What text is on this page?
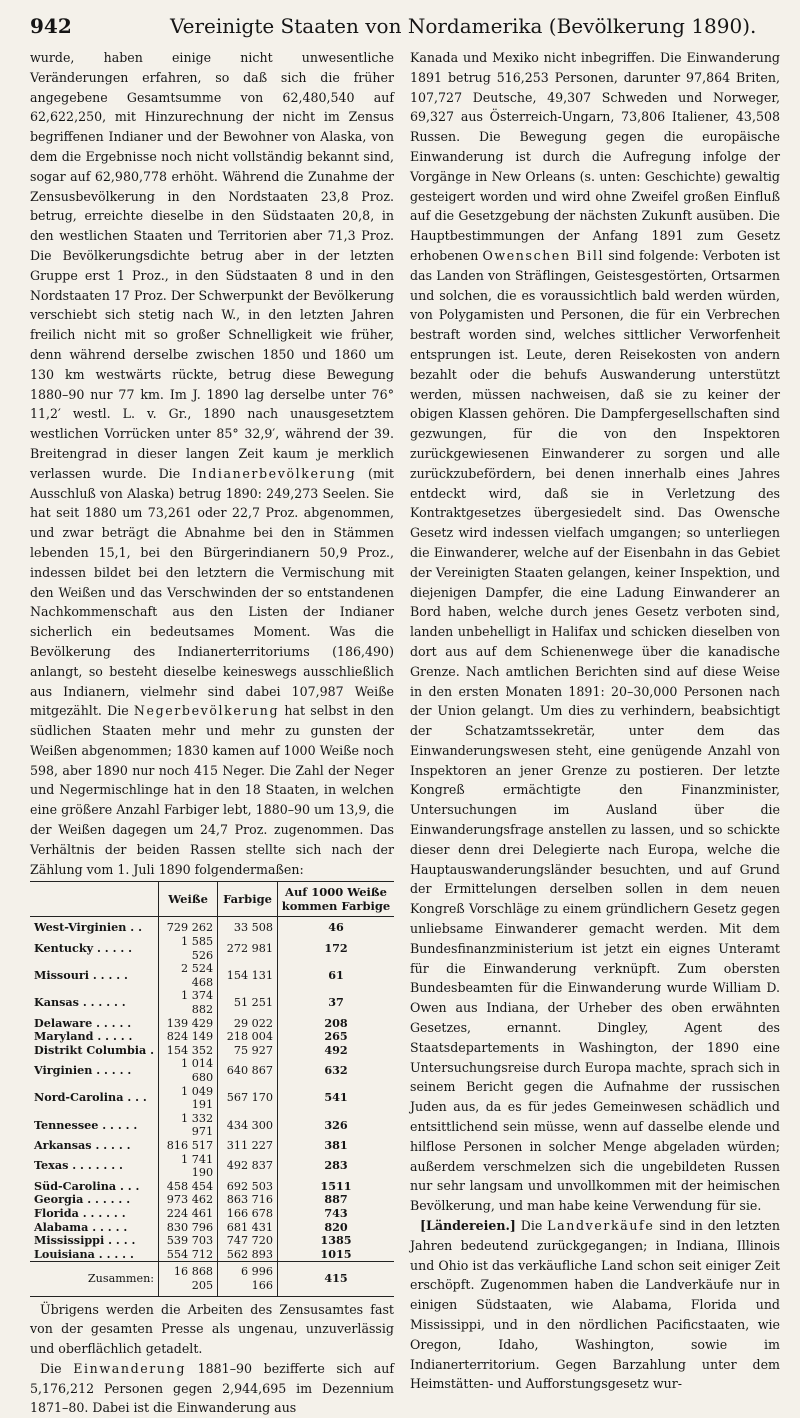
942	Vereinigte Staaten von Nordamerika (Bevölkerung 1890).

wurde, haben einige nicht unwesentliche Veränderungen erfahren, so daß sich die früher angegebene Gesamtsumme von 62,480,540 auf 62,622,250, mit Hinzurechnung der nicht im Zensus begriffenen Indianer und der Bewohner von Alaska, von dem die Ergebnisse noch nicht vollständig bekannt sind, sogar auf 62,980,778 erhöht. Während die Zunahme der Zensusbevölkerung in den Nordstaaten 23,8 Proz. betrug, erreichte dieselbe in den Südstaaten 20,8, in den westlichen Staaten und Territorien aber 71,3 Proz. Die Bevölkerungsdichte betrug aber in der letzten Gruppe erst 1 Proz., in den Südstaaten 8 und in den Nordstaaten 17 Proz. Der Schwerpunkt der Bevölkerung verschiebt sich stetig nach W., in den letzten Jahren freilich nicht mit so großer Schnelligkeit wie früher, denn während derselbe zwischen 1850 und 1860 um 130 km westwärts rückte, betrug diese Bewegung 1880–90 nur 77 km. Im J. 1890 lag derselbe unter 76° 11,2′ westl. L. v. Gr., 1890 nach unausgesetztem westlichen Vorrücken unter 85° 32,9′, während der 39. Breitengrad in dieser langen Zeit kaum je merklich verlassen wurde. Die Indianerbevölkerung (mit Ausschluß von Alaska) betrug 1890: 249,273 Seelen. Sie hat seit 1880 um 73,261 oder 22,7 Proz. abgenommen, und zwar beträgt die Abnahme bei den in Stämmen lebenden 15,1, bei den Bürgerindianern 50,9 Proz., indessen bildet bei den letztern die Vermischung mit den Weißen und das Verschwinden der so entstandenen Nachkommenschaft aus den Listen der Indianer sicherlich ein bedeutsames Moment. Was die Bevölkerung des Indianerterritoriums (186,490) anlangt, so besteht dieselbe keineswegs ausschließlich aus Indianern, vielmehr sind dabei 107,987 Weiße mitgezählt. Die Negerbevölkerung hat selbst in den südlichen Staaten mehr und mehr zu gunsten der Weißen abgenommen; 1830 kamen auf 1000 Weiße noch 598, aber 1890 nur noch 415 Neger. Die Zahl der Neger und Negermischlinge hat in den 18 Staaten, in welchen eine größere Anzahl Farbiger lebt, 1880–90 um 13,9, die der Weißen dagegen um 24,7 Proz. zugenommen. Das Verhältnis der beiden Rassen stellte sich nach der Zählung vom 1. Juli 1890 folgendermaßen:

	Weiße	Farbige	Auf 1000 Weiße kommen Farbige
West-Virginien . .	729 262	33 508	46
Kentucky . . . . .	1 585 526	272 981	172
Missouri . . . . .	2 524 468	154 131	61
Kansas . . . . . .	1 374 882	51 251	37
Delaware . . . . .	139 429	29 022	208
Maryland . . . . .	824 149	218 004	265
Distrikt Columbia .	154 352	75 927	492
Virginien . . . . .	1 014 680	640 867	632
Nord-Carolina . . .	1 049 191	567 170	541
Tennessee . . . . .	1 332 971	434 300	326
Arkansas . . . . .	816 517	311 227	381
Texas . . . . . . .	1 741 190	492 837	283
Süd-Carolina . . .	458 454	692 503	1511
Georgia . . . . . .	973 462	863 716	887
Florida . . . . . .	224 461	166 678	743
Alabama . . . . .	830 796	681 431	820
Mississippi . . . .	539 703	747 720	1385
Louisiana . . . . .	554 712	562 893	1015
Zusammen:	16 868 205	6 996 166	415

Übrigens werden die Arbeiten des Zensusamtes fast von der gesamten Presse als ungenau, unzuverlässig und oberflächlich getadelt.

Die Einwanderung 1881–90 bezifferte sich auf 5,176,212 Personen gegen 2,944,695 im Dezennium 1871–80. Dabei ist die Einwanderung aus

Kanada und Mexiko nicht inbegriffen. Die Einwanderung 1891 betrug 516,253 Personen, darunter 97,864 Briten, 107,727 Deutsche, 49,307 Schweden und Norweger, 69,327 aus Österreich-Ungarn, 73,806 Italiener, 43,508 Russen. Die Bewegung gegen die europäische Einwanderung ist durch die Aufregung infolge der Vorgänge in New Orleans (s. unten: Geschichte) gewaltig gesteigert worden und wird ohne Zweifel großen Einfluß auf die Gesetzgebung der nächsten Zukunft ausüben. Die Hauptbestimmungen der Anfang 1891 zum Gesetz erhobenen Owenschen Bill sind folgende: Verboten ist das Landen von Sträflingen, Geistesgestörten, Ortsarmen und solchen, die es voraussichtlich bald werden würden, von Polygamisten und Personen, die für ein Verbrechen bestraft worden sind, welches sittlicher Verworfenheit entsprungen ist. Leute, deren Reisekosten von andern bezahlt oder die behufs Auswanderung unterstützt werden, müssen nachweisen, daß sie zu keiner der obigen Klassen gehören. Die Dampfergesellschaften sind gezwungen, für die von den Inspektoren zurückgewiesenen Einwanderer zu sorgen und alle zurückzubefördern, bei denen innerhalb eines Jahres entdeckt wird, daß sie in Verletzung des Kontraktgesetzes übergesiedelt sind. Das Owensche Gesetz wird indessen vielfach umgangen; so unterliegen die Einwanderer, welche auf der Eisenbahn in das Gebiet der Vereinigten Staaten gelangen, keiner Inspektion, und diejenigen Dampfer, die eine Ladung Einwanderer an Bord haben, welche durch jenes Gesetz verboten sind, landen unbehelligt in Halifax und schicken dieselben von dort aus auf dem Schienenwege über die kanadische Grenze. Nach amtlichen Berichten sind auf diese Weise in den ersten Monaten 1891: 20–30,000 Personen nach der Union gelangt. Um dies zu verhindern, beabsichtigt der Schatzamtssekretär, unter dem das Einwanderungswesen steht, eine genügende Anzahl von Inspektoren an jener Grenze zu postieren. Der letzte Kongreß ermächtigte den Finanzminister, Untersuchungen im Ausland über die Einwanderungsfrage anstellen zu lassen, und so schickte dieser denn drei Delegierte nach Europa, welche die Hauptauswanderungsländer besuchten, und auf Grund der Ermittelungen derselben sollen in dem neuen Kongreß Vorschläge zu einem gründlichern Gesetz gegen unliebsame Einwanderer gemacht werden. Mit dem Bundesfinanzministerium ist jetzt ein eignes Unteramt für die Einwanderung verknüpft. Zum obersten Bundesbeamten für die Einwanderung wurde William D. Owen aus Indiana, der Urheber des oben erwähnten Gesetzes, ernannt. Dingley, Agent des Staatsdepartements in Washington, der 1890 eine Untersuchungsreise durch Europa machte, sprach sich in seinem Bericht gegen die Aufnahme der russischen Juden aus, da es für jedes Gemeinwesen schädlich und entsittlichend sein müsse, wenn auf dasselbe elende und hilflose Personen in solcher Menge abgeladen würden; außerdem verschmelzen sich die ungebildeten Russen nur sehr langsam und unvollkommen mit der heimischen Bevölkerung, und man habe keine Verwendung für sie.

[Ländereien.] Die Landverkäufe sind in den letzten Jahren bedeutend zurückgegangen; in Indiana, Illinois und Ohio ist das verkäufliche Land schon seit einiger Zeit erschöpft. Zugenommen haben die Landverkäufe nur in einigen Südstaaten, wie Alabama, Florida und Mississippi, und in den nördlichen Pacificstaaten, wie Oregon, Idaho, Washington, sowie im Indianerterritorium. Gegen Barzahlung unter dem Heimstätten- und Aufforstungsgesetz wur-
